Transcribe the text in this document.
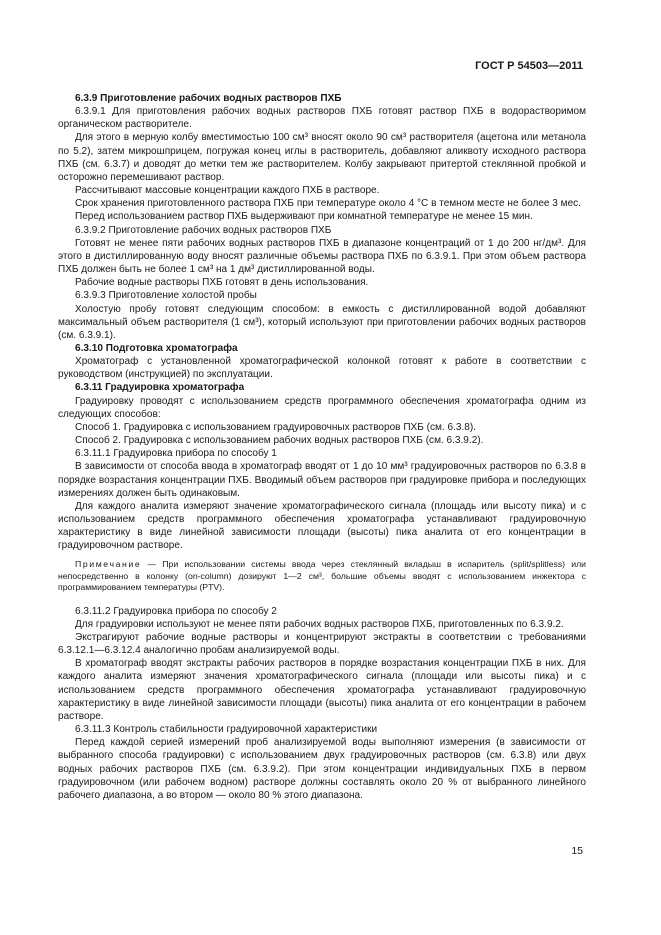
ГОСТ Р 54503—2011

6.3.9 Приготовление рабочих водных растворов ПХБ

6.3.9.1 Для приготовления рабочих водных растворов ПХБ готовят раствор ПХБ в водорастворимом органическом растворителе.

Для этого в мерную колбу вместимостью 100 см³ вносят около 90 см³ растворителя (ацетона или метанола по 5.2), затем микрошприцем, погружая конец иглы в растворитель, добавляют аликвоту исходного раствора ПХБ (см. 6.3.7) и доводят до метки тем же растворителем. Колбу закрывают притертой стеклянной пробкой и осторожно перемешивают раствор.

Рассчитывают массовые концентрации каждого ПХБ в растворе.

Срок хранения приготовленного раствора ПХБ при температуре около 4 °С в темном месте не более 3 мес.

Перед использованием раствор ПХБ выдерживают при комнатной температуре не менее 15 мин.

6.3.9.2 Приготовление рабочих водных растворов ПХБ

Готовят не менее пяти рабочих водных растворов ПХБ в диапазоне концентраций от 1 до 200 нг/дм³. Для этого в дистиллированную воду вносят различные объемы раствора ПХБ по 6.3.9.1. При этом объем раствора ПХБ должен быть не более 1 см³ на 1 дм³ дистиллированной воды.

Рабочие водные растворы ПХБ готовят в день использования.

6.3.9.3 Приготовление холостой пробы

Холостую пробу готовят следующим способом: в емкость с дистиллированной водой добавляют максимальный объем растворителя (1 см³), который используют при приготовлении рабочих водных растворов (см. 6.3.9.1).

6.3.10 Подготовка хроматографа

Хроматограф с установленной хроматографической колонкой готовят к работе в соответствии с руководством (инструкцией) по эксплуатации.

6.3.11 Градуировка хроматографа

Градуировку проводят с использованием средств программного обеспечения хроматографа одним из следующих способов:

Способ 1. Градуировка с использованием градуировочных растворов ПХБ (см. 6.3.8).

Способ 2. Градуировка с использованием рабочих водных растворов ПХБ (см. 6.3.9.2).

6.3.11.1 Градуировка прибора по способу 1

В зависимости от способа ввода в хроматограф вводят от 1 до 10 мм³ градуировочных растворов по 6.3.8 в порядке возрастания концентрации ПХБ. Вводимый объем растворов при градуировке прибора и последующих измерениях должен быть одинаковым.

Для каждого аналита измеряют значение хроматографического сигнала (площадь или высоту пика) и с использованием средств программного обеспечения хроматографа устанавливают градуировочную характеристику в виде линейной зависимости площади (высоты) пика аналита от его концентрации в градуировочном растворе.

Примечание — При использовании системы ввода через стеклянный вкладыш в испаритель (split/splitless) или непосредственно в колонку (on-column) дозируют 1—2 см³, большие объемы вводят с использованием инжектора с программированием температуры (PTV).

6.3.11.2 Градуировка прибора по способу 2

Для градуировки используют не менее пяти рабочих водных растворов ПХБ, приготовленных по 6.3.9.2.

Экстрагируют рабочие водные растворы и концентрируют экстракты в соответствии с требованиями 6.3.12.1—6.3.12.4 аналогично пробам анализируемой воды.

В хроматограф вводят экстракты рабочих растворов в порядке возрастания концентрации ПХБ в них. Для каждого аналита измеряют значения хроматографического сигнала (площади или высоты пика) и с использованием средств программного обеспечения хроматографа устанавливают градуировочную характеристику в виде линейной зависимости площади (высоты) пика аналита от его концентрации в рабочем растворе.

6.3.11.3 Контроль стабильности градуировочной характеристики

Перед каждой серией измерений проб анализируемой воды выполняют измерения (в зависимости от выбранного способа градуировки) с использованием двух градуировочных растворов (см. 6.3.8) или двух водных рабочих растворов ПХБ (см. 6.3.9.2). При этом концентрации индивидуальных ПХБ в первом градуировочном (или рабочем водном) растворе должны составлять около 20 % от выбранного линейного рабочего диапазона, а во втором — около 80 % этого диапазона.

15
